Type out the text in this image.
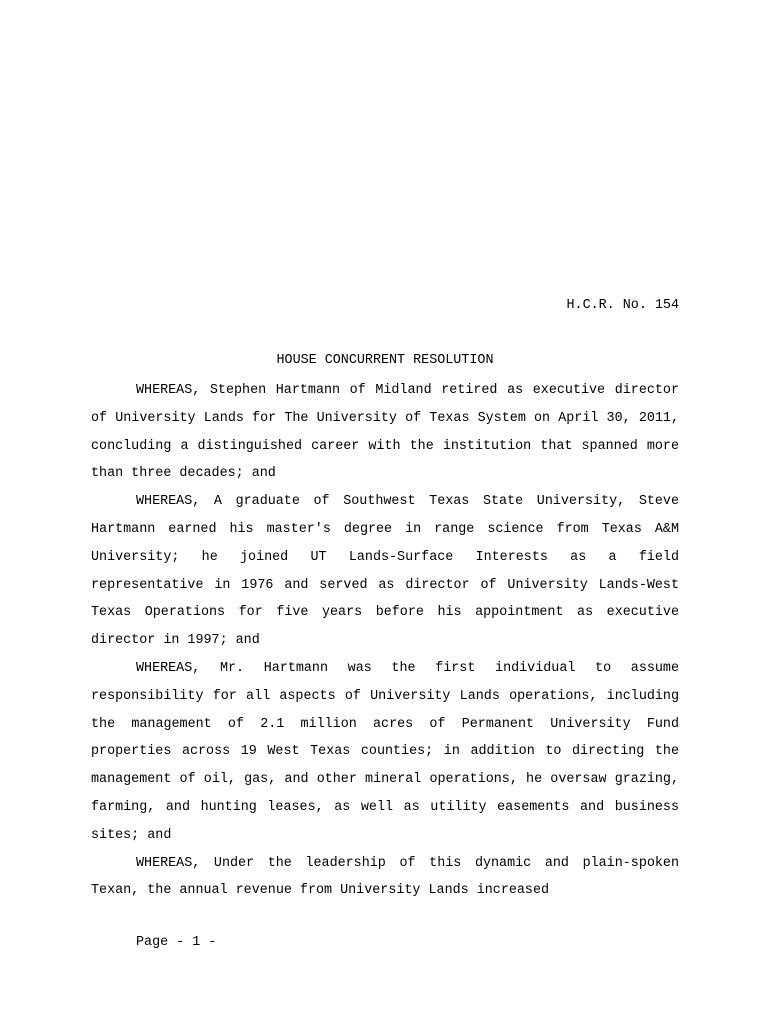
H.C.R. No. 154
HOUSE CONCURRENT RESOLUTION

WHEREAS, Stephen Hartmann of Midland retired as executive director of University Lands for The University of Texas System on April 30, 2011, concluding a distinguished career with the institution that spanned more than three decades; and

WHEREAS, A graduate of Southwest Texas State University, Steve Hartmann earned his master's degree in range science from Texas A&M University; he joined UT Lands-Surface Interests as a field representative in 1976 and served as director of University Lands-West Texas Operations for five years before his appointment as executive director in 1997; and

WHEREAS, Mr. Hartmann was the first individual to assume responsibility for all aspects of University Lands operations, including the management of 2.1 million acres of Permanent University Fund properties across 19 West Texas counties; in addition to directing the management of oil, gas, and other mineral operations, he oversaw grazing, farming, and hunting leases, as well as utility easements and business sites; and

WHEREAS, Under the leadership of this dynamic and plain-spoken Texan, the annual revenue from University Lands increased

Page - 1 -
